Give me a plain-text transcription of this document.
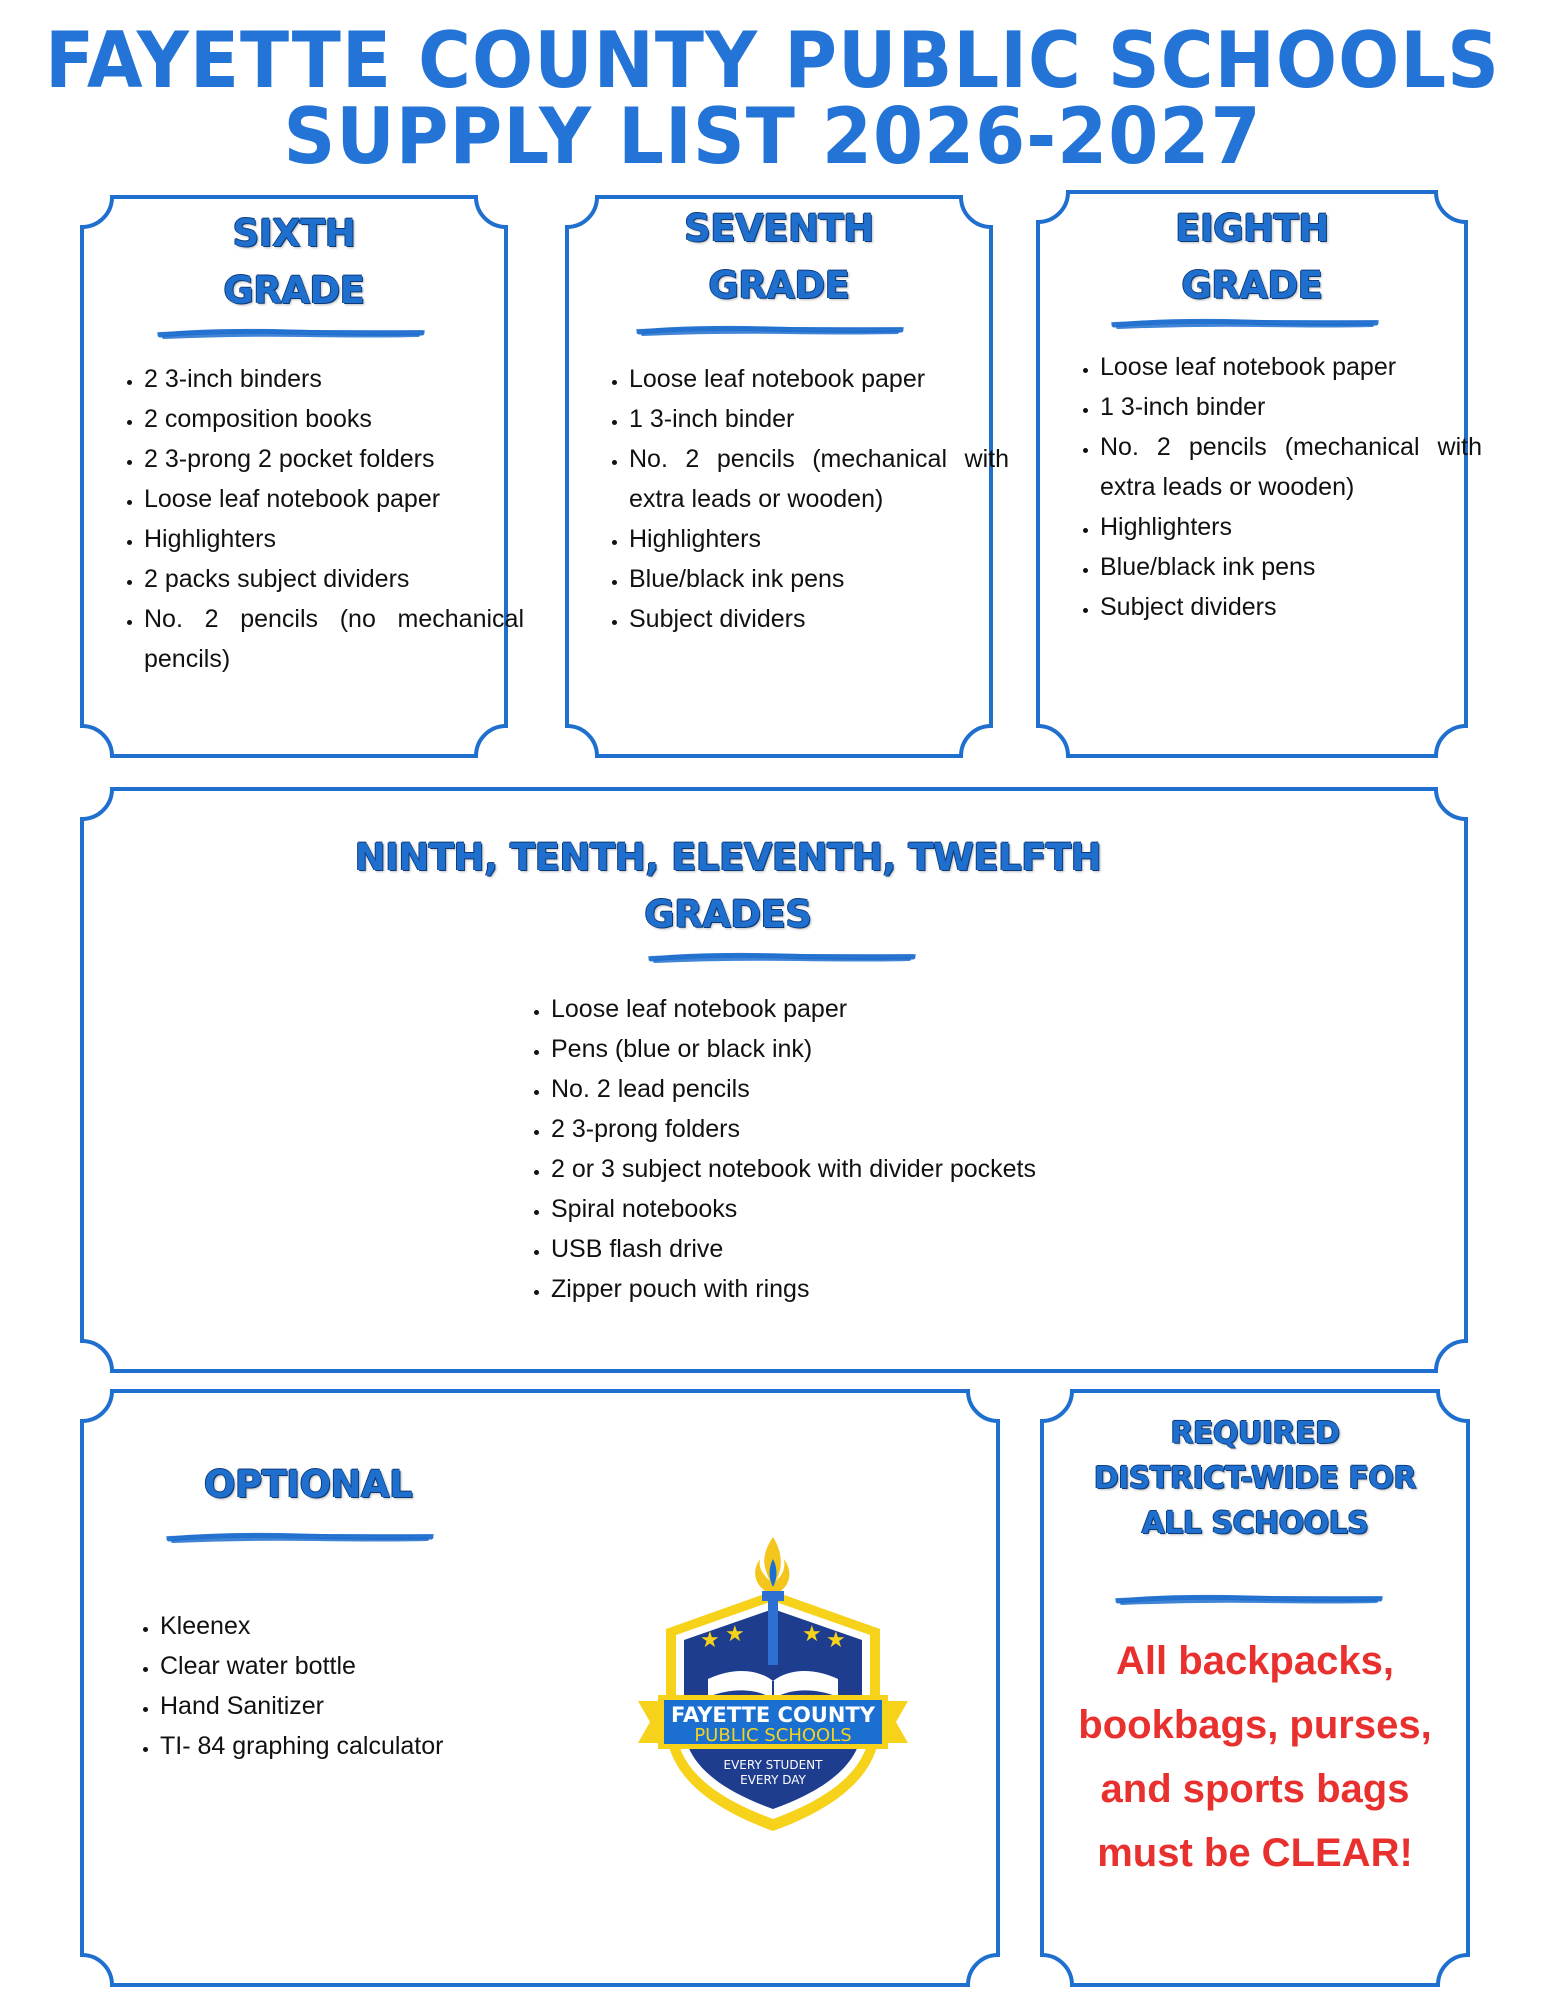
FAYETTE COUNTY PUBLIC SCHOOLS
SUPPLY LIST 2026-2027
SIXTH
GRADE
• 2 3-inch binders
• 2 composition books
• 2 3-prong 2 pocket folders
• Loose leaf notebook paper
• Highlighters
• 2 packs subject dividers
• No. 2 pencils (no mechanical pencils)
SEVENTH
GRADE
• Loose leaf notebook paper
• 1 3-inch binder
• No. 2 pencils (mechanical with extra leads or wooden)
• Highlighters
• Blue/black ink pens
• Subject dividers
EIGHTH
GRADE
• Loose leaf notebook paper
• 1 3-inch binder
• No. 2 pencils (mechanical with extra leads or wooden)
• Highlighters
• Blue/black ink pens
• Subject dividers
NINTH, TENTH, ELEVENTH, TWELFTH
GRADES
• Loose leaf notebook paper
• Pens (blue or black ink)
• No. 2 lead pencils
• 2 3-prong folders
• 2 or 3 subject notebook with divider pockets
• Spiral notebooks
• USB flash drive
• Zipper pouch with rings
OPTIONAL
• Kleenex
• Clear water bottle
• Hand Sanitizer
• TI- 84 graphing calculator
★ ★	★ ★
FAYETTE COUNTY
PUBLIC SCHOOLS
EVERY STUDENT
EVERY DAY
REQUIRED
DISTRICT-WIDE FOR
ALL SCHOOLS
All backpacks,
bookbags, purses,
and sports bags
must be CLEAR!
